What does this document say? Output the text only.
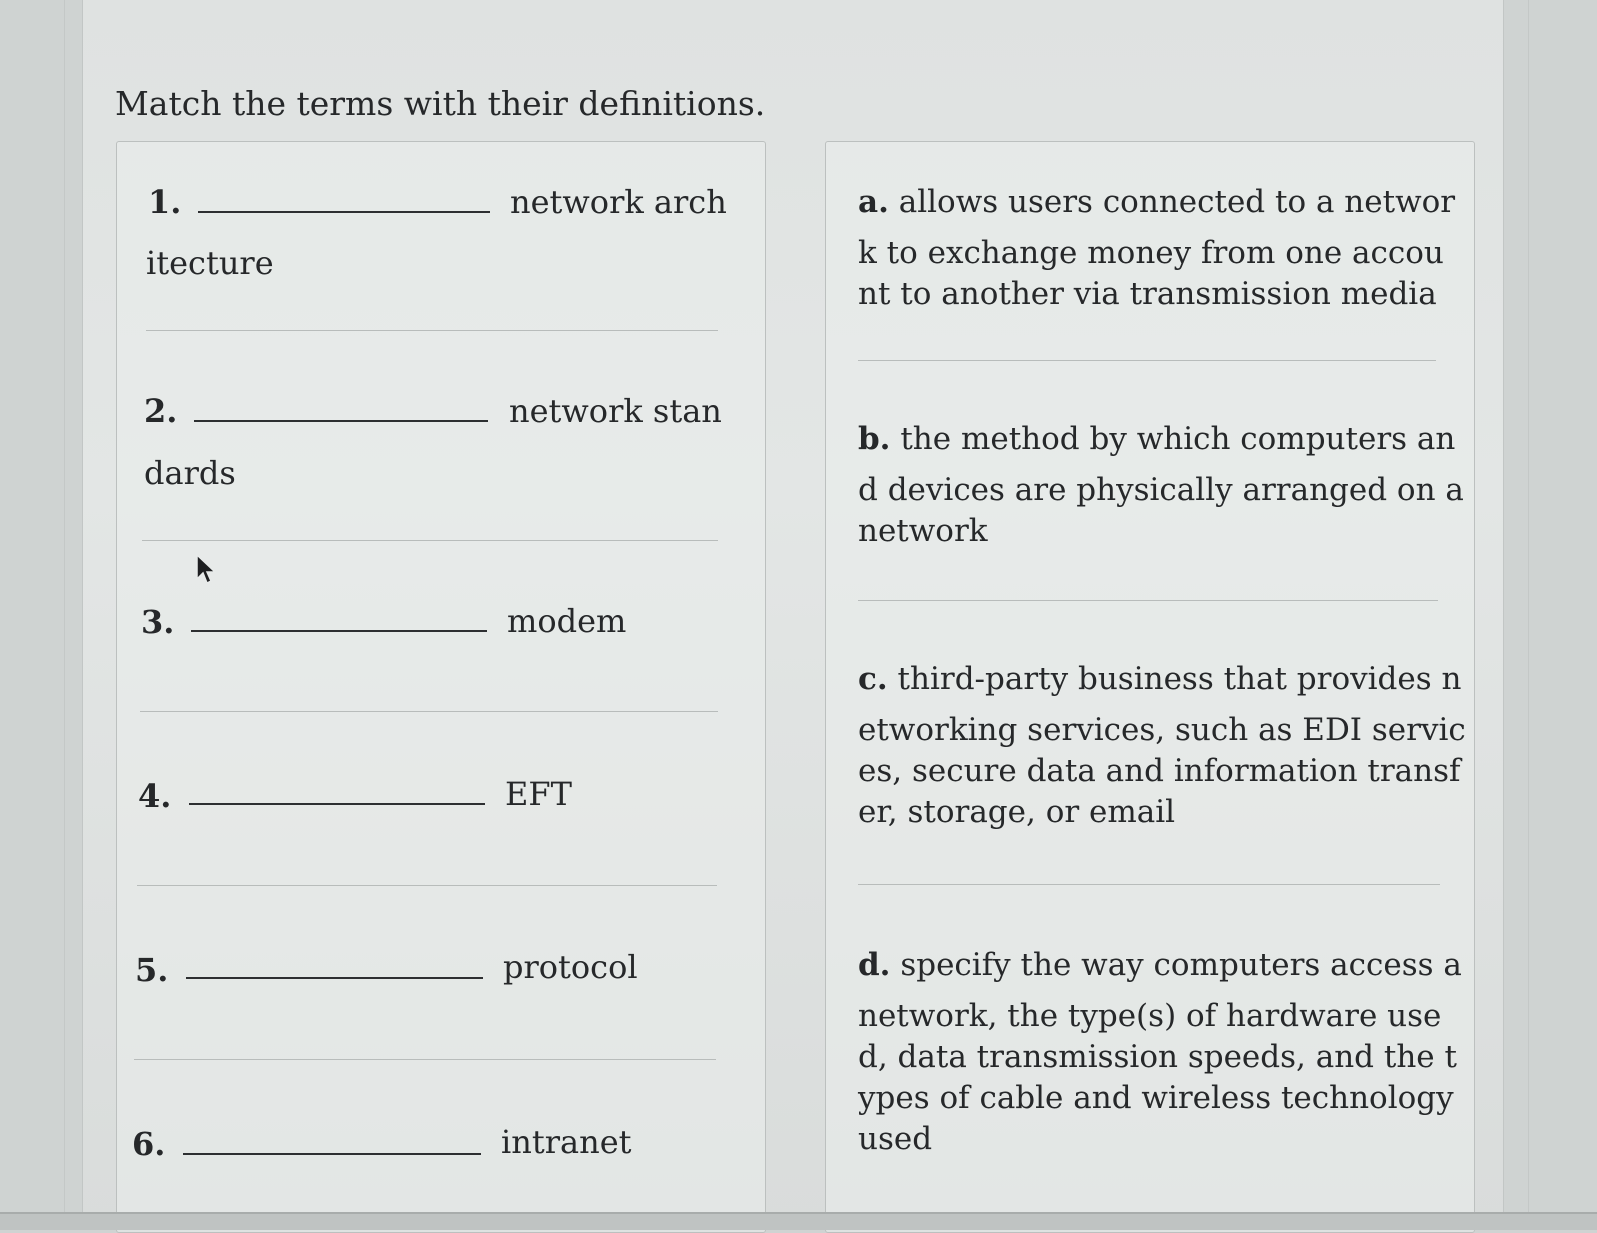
Match the terms with their definitions.
1.	network arch
itecture
2.	network stan
dards
3.	modem
4.	EFT
5.	protocol
6.	intranet
a. allows users connected to a networ
k to exchange money from one accou
nt to another via transmission media
b. the method by which computers an
d devices are physically arranged on a
network
c. third-party business that provides n
etworking services, such as EDI servic
es, secure data and information transf
er, storage, or email
d. specify the way computers access a
network, the type(s) of hardware use
d, data transmission speeds, and the t
ypes of cable and wireless technology
used
